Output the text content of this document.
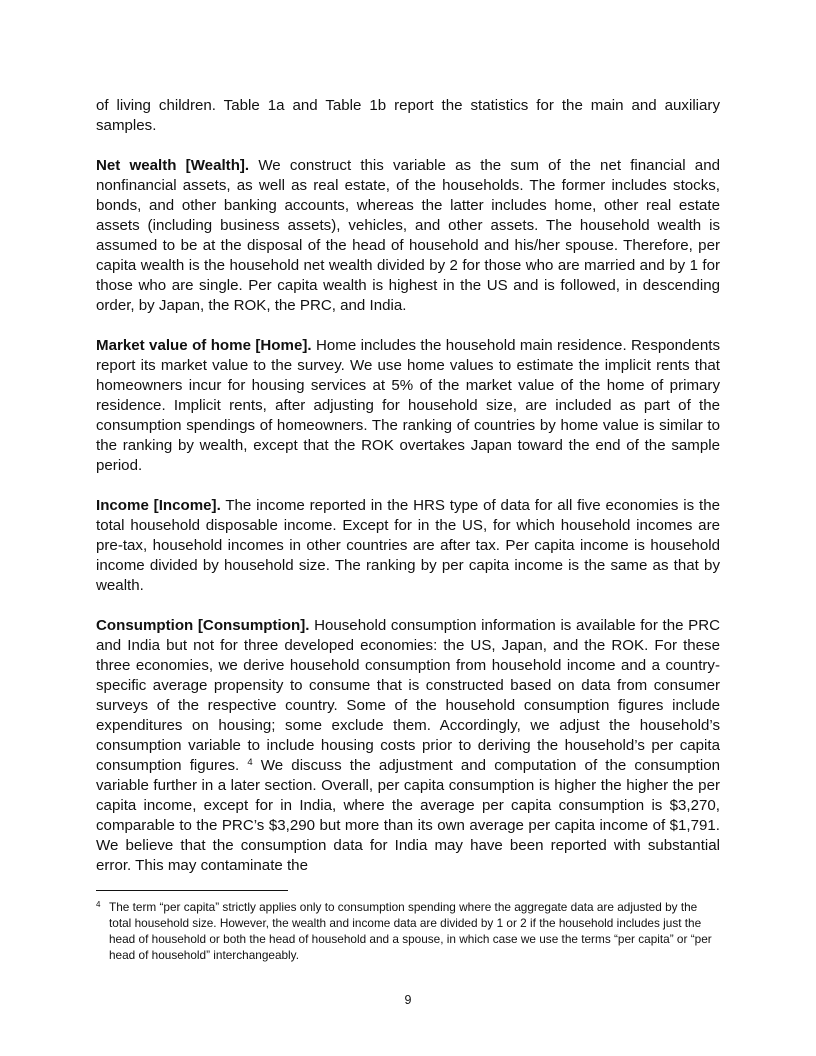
of living children. Table 1a and Table 1b report the statistics for the main and auxiliary samples.

Net wealth [Wealth]. We construct this variable as the sum of the net financial and nonfinancial assets, as well as real estate, of the households. The former includes stocks, bonds, and other banking accounts, whereas the latter includes home, other real estate assets (including business assets), vehicles, and other assets. The household wealth is assumed to be at the disposal of the head of household and his/her spouse. Therefore, per capita wealth is the household net wealth divided by 2 for those who are married and by 1 for those who are single. Per capita wealth is highest in the US and is followed, in descending order, by Japan, the ROK, the PRC, and India.

Market value of home [Home]. Home includes the household main residence. Respondents report its market value to the survey. We use home values to estimate the implicit rents that homeowners incur for housing services at 5% of the market value of the home of primary residence. Implicit rents, after adjusting for household size, are included as part of the consumption spendings of homeowners. The ranking of countries by home value is similar to the ranking by wealth, except that the ROK overtakes Japan toward the end of the sample period.

Income [Income]. The income reported in the HRS type of data for all five economies is the total household disposable income. Except for in the US, for which household incomes are pre-tax, household incomes in other countries are after tax. Per capita income is household income divided by household size. The ranking by per capita income is the same as that by wealth.

Consumption [Consumption]. Household consumption information is available for the PRC and India but not for three developed economies: the US, Japan, and the ROK. For these three economies, we derive household consumption from household income and a country-specific average propensity to consume that is constructed based on data from consumer surveys of the respective country. Some of the household consumption figures include expenditures on housing; some exclude them. Accordingly, we adjust the household’s consumption variable to include housing costs prior to deriving the household’s per capita consumption figures. $^4$ We discuss the adjustment and computation of the consumption variable further in a later section. Overall, per capita consumption is higher the higher the per capita income, except for in India, where the average per capita consumption is $3,270, comparable to the PRC’s $3,290 but more than its own average per capita income of $1,791. We believe that the consumption data for India may have been reported with substantial error. This may contaminate the

4 The term “per capita” strictly applies only to consumption spending where the aggregate data are adjusted by the total household size. However, the wealth and income data are divided by 1 or 2 if the household includes just the head of household or both the head of household and a spouse, in which case we use the terms “per capita” or “per head of household” interchangeably.
9
